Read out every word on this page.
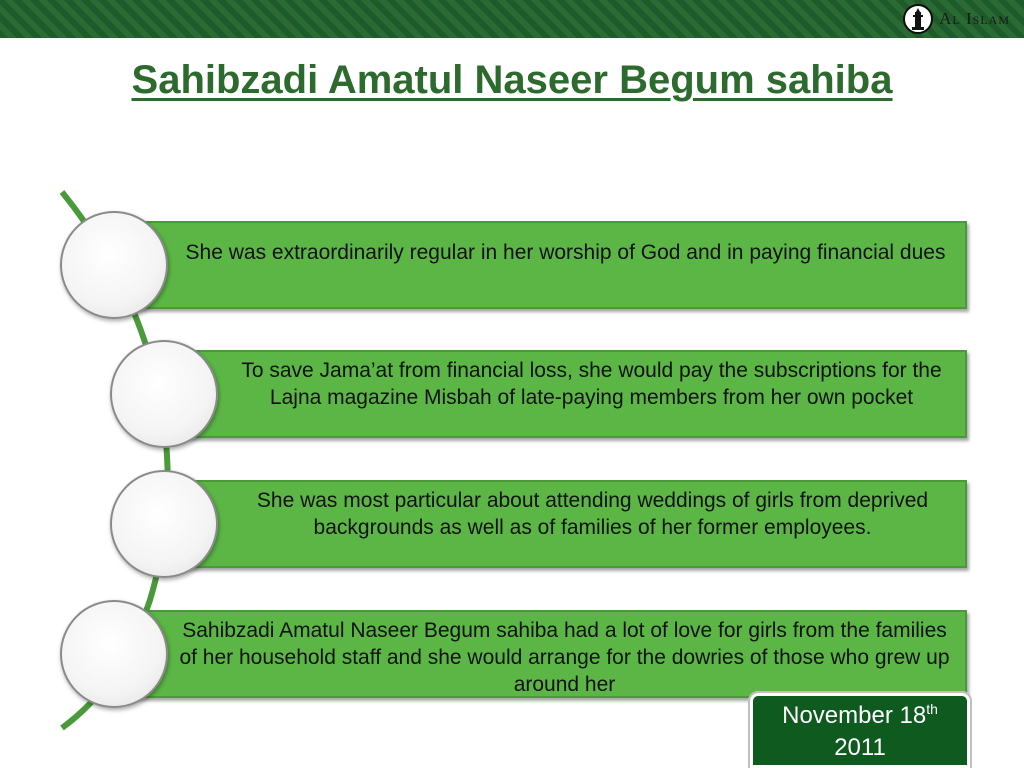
Al Islam
Sahibzadi Amatul Naseer Begum sahiba
She was extraordinarily regular in her worship of God and in paying financial dues
To save Jama’at from financial loss, she would pay the subscriptions for the Lajna magazine Misbah of late-paying members from her own pocket
She was most particular about attending weddings of girls from deprived backgrounds as well as of families of her former employees.
Sahibzadi Amatul Naseer Begum sahiba had a lot of love for girls from the families of her household staff and she would arrange for the dowries of those who grew up around her
November 18th
2011
